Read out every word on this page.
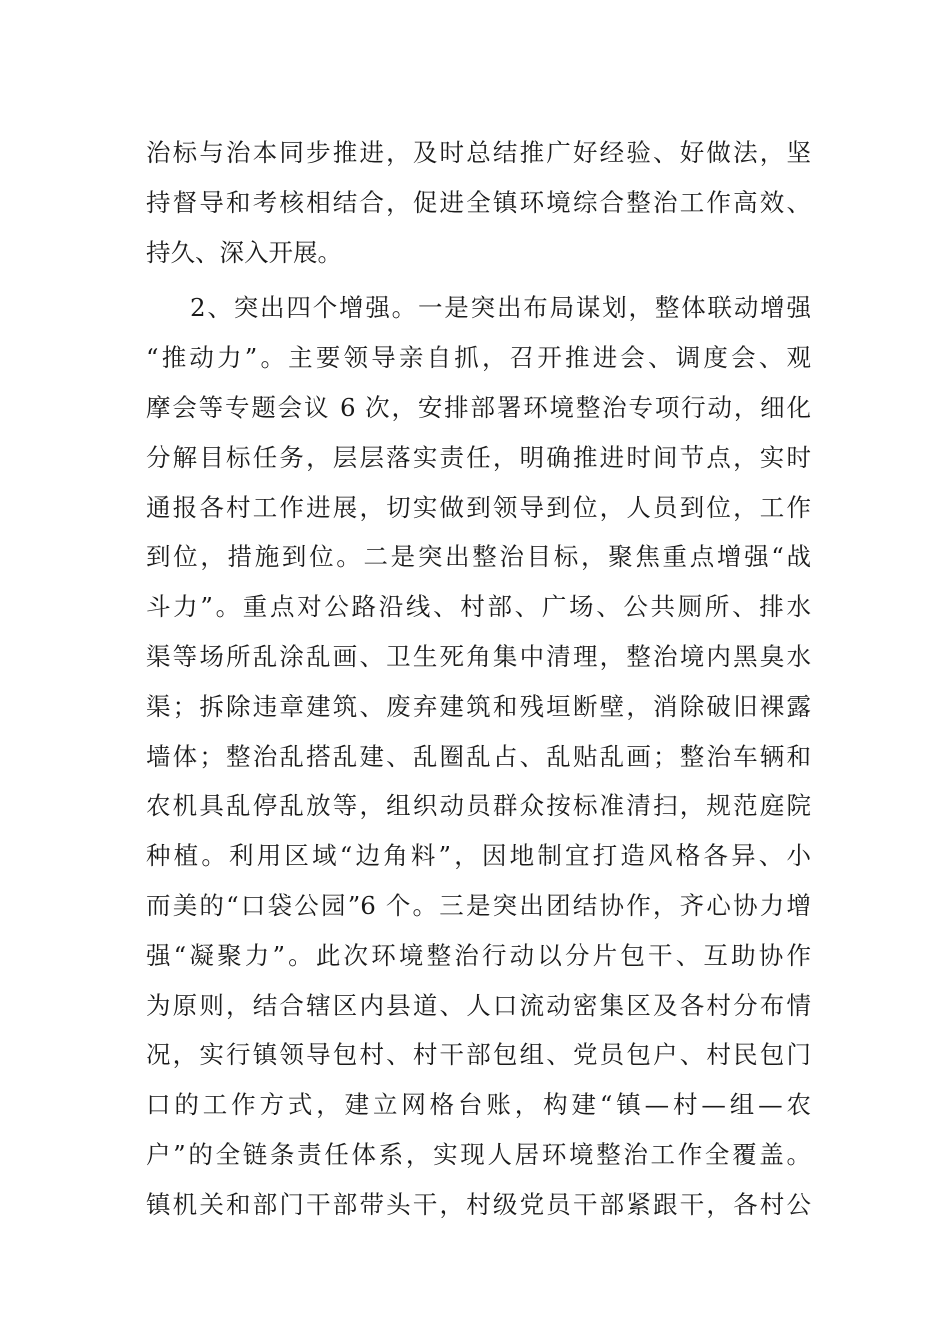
治标与治本同步推进，及时总结推广好经验、好做法，坚
持督导和考核相结合，促进全镇环境综合整治工作高效、
持久、深入开展。
2、突出四个增强。一是突出布局谋划，整体联动增强
“推动力”。主要领导亲自抓，召开推进会、调度会、观
摩会等专题会议 6 次，安排部署环境整治专项行动，细化
分解目标任务，层层落实责任，明确推进时间节点，实时
通报各村工作进展，切实做到领导到位，人员到位，工作
到位，措施到位。二是突出整治目标，聚焦重点增强“战
斗力”。重点对公路沿线、村部、广场、公共厕所、排水
渠等场所乱涂乱画、卫生死角集中清理，整治境内黑臭水
渠；拆除违章建筑、废弃建筑和残垣断壁，消除破旧裸露
墙体；整治乱搭乱建、乱圈乱占、乱贴乱画；整治车辆和
农机具乱停乱放等，组织动员群众按标准清扫，规范庭院
种植。利用区域“边角料”，因地制宜打造风格各异、小
而美的“口袋公园”6 个。三是突出团结协作，齐心协力增
强“凝聚力”。此次环境整治行动以分片包干、互助协作
为原则，结合辖区内县道、人口流动密集区及各村分布情
况，实行镇领导包村、村干部包组、党员包户、村民包门
口的工作方式，建立网格台账，构建“镇—村—组—农
户”的全链条责任体系，实现人居环境整治工作全覆盖。
镇机关和部门干部带头干，村级党员干部紧跟干，各村公
